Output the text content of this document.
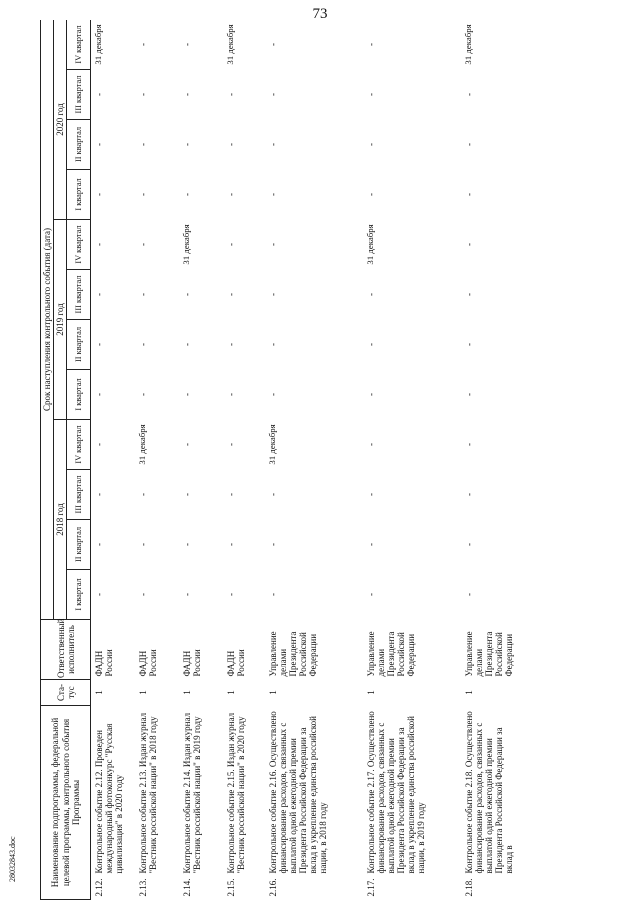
73
Наименование подпрограммы, федеральной целевой программы, контрольного события Программы		Ста-тус	Ответственный исполнитель	Срок наступления контрольного события (дата)											
				2018 год				2019 год				2020 год			
				I квартал	II квартал	III квартал	IV квартал	I квартал	II квартал	III квартал	IV квартал	I квартал	II квартал	III квартал	IV квартал
2.12.	Контрольное событие 2.12. Проведен международный фотоконкурс "Русская цивилизация" в 2020 году	1	ФАДН России	-	-	-	-	-	-	-	-	-	-	-	31 декабря
2.13.	Контрольное событие 2.13. Издан журнал "Вестник российской нации" в 2018 году	1	ФАДН России	-	-	-	31 декабря	-	-	-	-	-	-	-	-
2.14.	Контрольное событие 2.14. Издан журнал "Вестник российской нации" в 2019 году	1	ФАДН России	-	-	-	-	-	-	-	31 декабря	-	-	-	-
2.15.	Контрольное событие 2.15. Издан журнал "Вестник российской нации" в 2020 году	1	ФАДН России	-	-	-	-	-	-	-	-	-	-	-	31 декабря
2.16.	Контрольное событие 2.16. Осуществлено финансирование расходов, связанных с выплатой одной ежегодной премии Президента Российской Федерации за вклад в укрепление единства российской нации, в 2018 году	1	Управление делами Президента Российской Федерации	-	-	-	31 декабря	-	-	-	-	-	-	-	-
2.17.	Контрольное событие 2.17. Осуществлено финансирование расходов, связанных с выплатой одной ежегодной премии Президента Российской Федерации за вклад в укрепление единства российской нации, в 2019 году	1	Управление делами Президента Российской Федерации	-	-	-	-	-	-	-	31 декабря	-	-	-	-
2.18.	Контрольное событие 2.18. Осуществлено финансирование расходов, связанных с выплатой одной ежегодной премии Президента Российской Федерации за вклад в	1	Управление делами Президента Российской Федерации	-	-	-	-	-	-	-	-	-	-	-	31 декабря
28032843.doc
